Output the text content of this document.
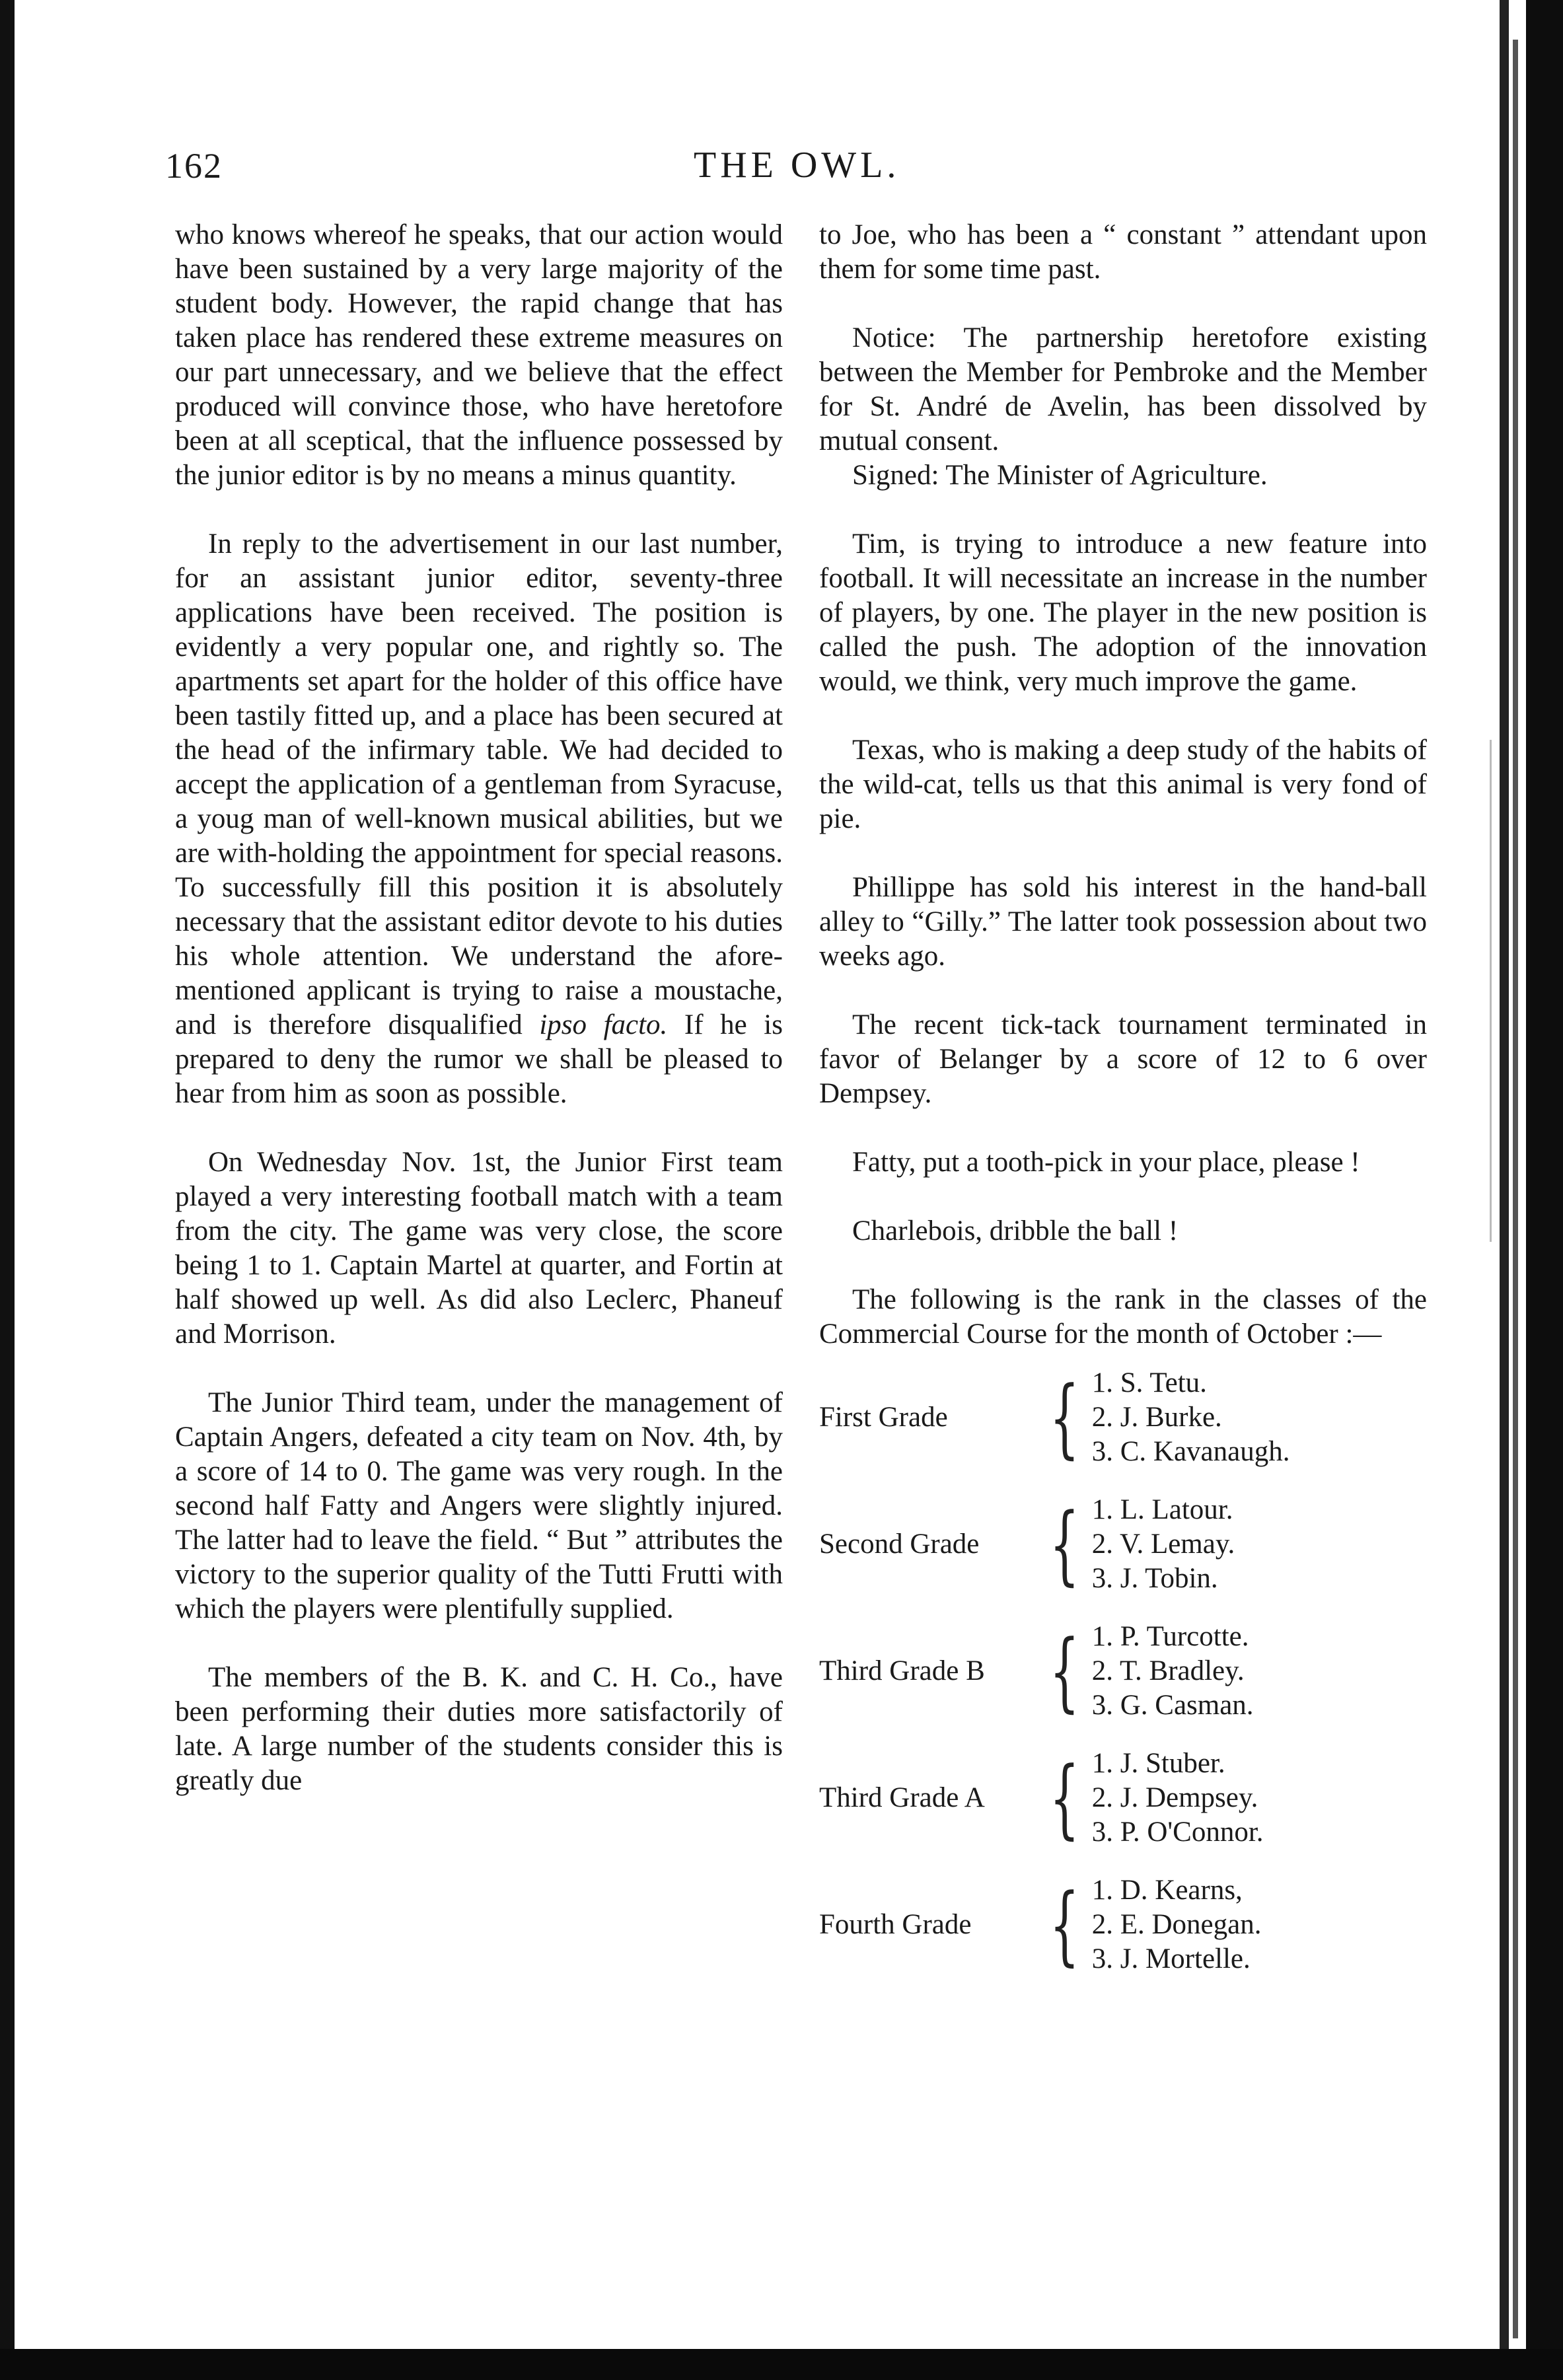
162	THE OWL.

who knows whereof he speaks, that our action would have been sustained by a very large majority of the student body. However, the rapid change that has taken place has rendered these extreme measures on our part unnecessary, and we believe that the effect produced will convince those, who have heretofore been at all sceptical, that the influence possessed by the junior editor is by no means a minus quantity.

In reply to the advertisement in our last number, for an assistant junior editor, seventy-three applications have been received. The position is evidently a very popular one, and rightly so. The apartments set apart for the holder of this office have been tastily fitted up, and a place has been secured at the head of the infirmary table. We had decided to accept the application of a gentleman from Syracuse, a youg man of well-known musical abilities, but we are with-holding the appointment for special reasons. To successfully fill this position it is absolutely necessary that the assistant editor devote to his duties his whole attention. We understand the afore-mentioned applicant is trying to raise a moustache, and is therefore disqualified ipso facto. If he is prepared to deny the rumor we shall be pleased to hear from him as soon as possible.

On Wednesday Nov. 1st, the Junior First team played a very interesting football match with a team from the city. The game was very close, the score being 1 to 1. Captain Martel at quarter, and Fortin at half showed up well. As did also Leclerc, Phaneuf and Morrison.

The Junior Third team, under the management of Captain Angers, defeated a city team on Nov. 4th, by a score of 14 to 0. The game was very rough. In the second half Fatty and Angers were slightly injured. The latter had to leave the field. “ But ” attributes the victory to the superior quality of the Tutti Frutti with which the players were plentifully supplied.

The members of the B. K. and C. H. Co., have been performing their duties more satisfactorily of late. A large number of the students consider this is greatly due

to Joe, who has been a “ constant ” attendant upon them for some time past.

Notice: The partnership heretofore existing between the Member for Pembroke and the Member for St. André de Avelin, has been dissolved by mutual consent.

Signed: The Minister of Agriculture.

Tim, is trying to introduce a new feature into football. It will necessitate an increase in the number of players, by one. The player in the new position is called the push. The adoption of the innovation would, we think, very much improve the game.

Texas, who is making a deep study of the habits of the wild-cat, tells us that this animal is very fond of pie.

Phillippe has sold his interest in the hand-ball alley to “Gilly.” The latter took possession about two weeks ago.

The recent tick-tack tournament terminated in favor of Belanger by a score of 12 to 6 over Dempsey.

Fatty, put a tooth-pick in your place, please !

Charlebois, dribble the ball !

The following is the rank in the classes of the Commercial Course for the month of October :—

First Grade	{	1. S. Tetu.
2. J. Burke.
3. C. Kavanaugh.

Second Grade	{	1. L. Latour.
2. V. Lemay.
3. J. Tobin.

Third Grade B	{	1. P. Turcotte.
2. T. Bradley.
3. G. Casman.

Third Grade A	{	1. J. Stuber.
2. J. Dempsey.
3. P. O'Connor.

Fourth Grade	{	1. D. Kearns,
2. E. Donegan.
3. J. Mortelle.
